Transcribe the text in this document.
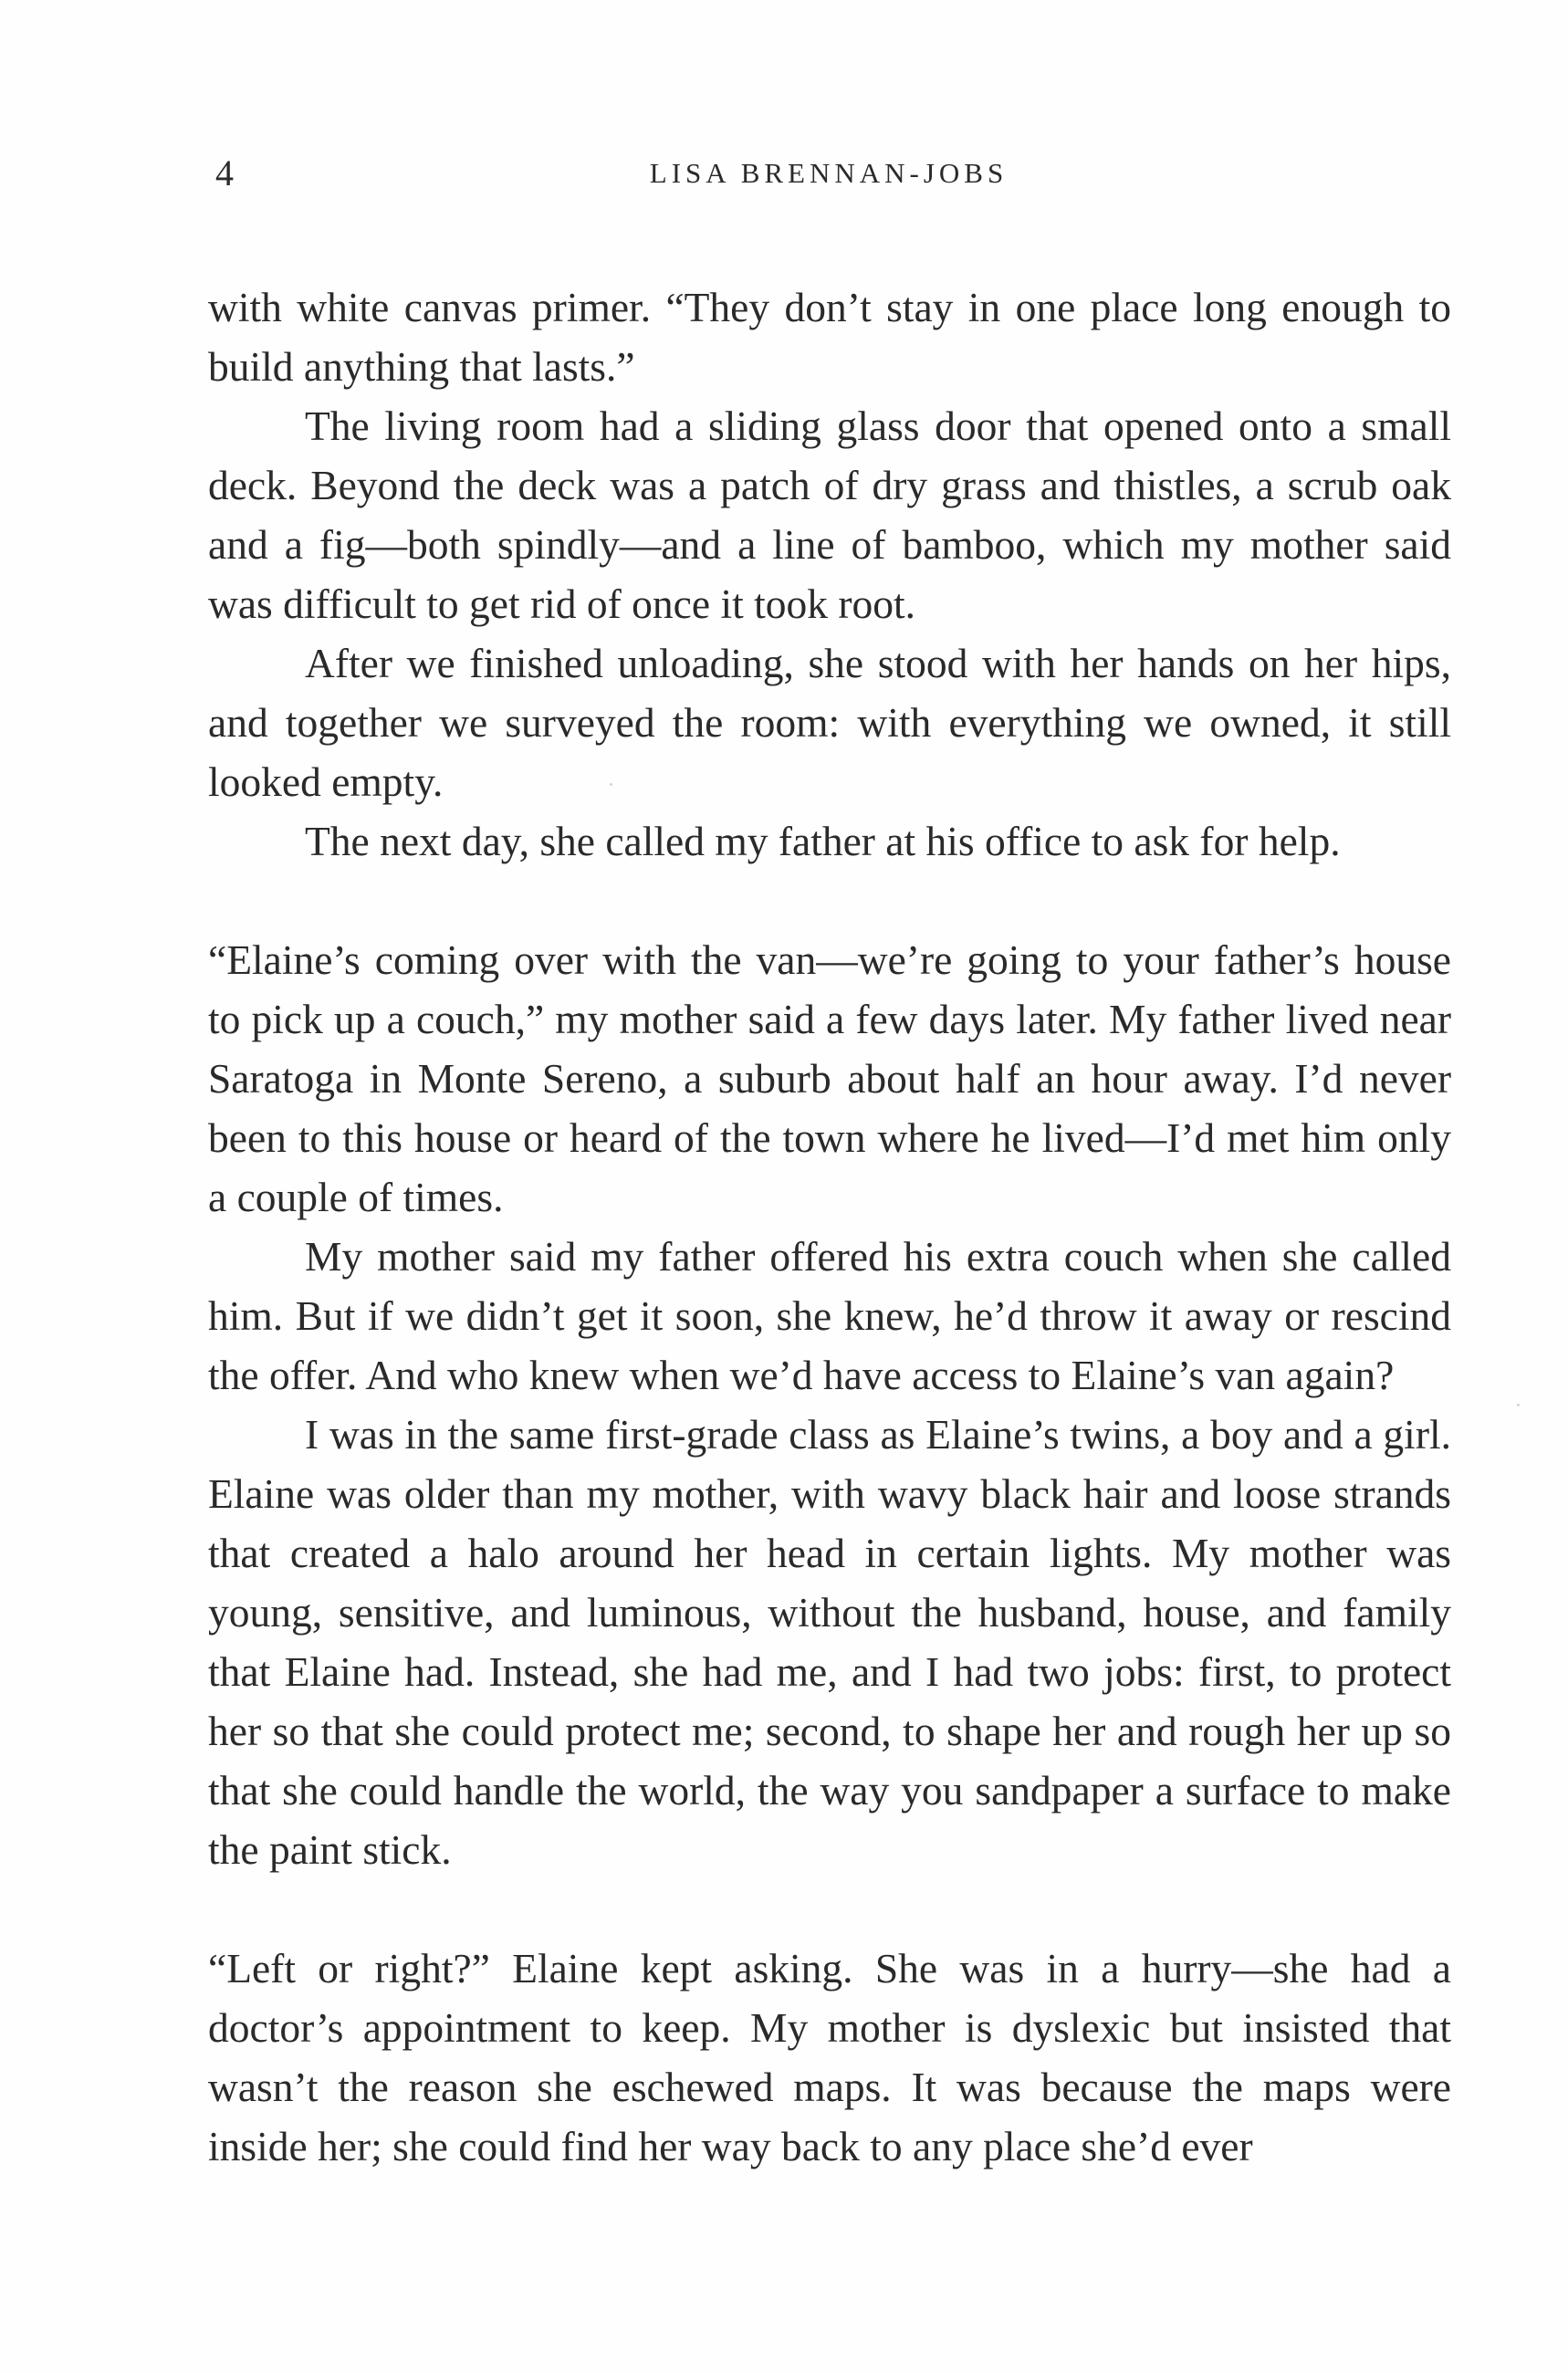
4	LISA BRENNAN-JOBS

with white canvas primer. “They don’t stay in one place long enough to build anything that lasts.”

The living room had a sliding glass door that opened onto a small deck. Beyond the deck was a patch of dry grass and thistles, a scrub oak and a fig—both spindly—and a line of bamboo, which my mother said was difficult to get rid of once it took root.

After we finished unloading, she stood with her hands on her hips, and together we surveyed the room: with everything we owned, it still looked empty.

The next day, she called my father at his office to ask for help.

“Elaine’s coming over with the van—we’re going to your father’s house to pick up a couch,” my mother said a few days later. My father lived near Saratoga in Monte Sereno, a suburb about half an hour away. I’d never been to this house or heard of the town where he lived—I’d met him only a couple of times.

My mother said my father offered his extra couch when she called him. But if we didn’t get it soon, she knew, he’d throw it away or rescind the offer. And who knew when we’d have access to Elaine’s van again?

I was in the same first-grade class as Elaine’s twins, a boy and a girl. Elaine was older than my mother, with wavy black hair and loose strands that created a halo around her head in certain lights. My mother was young, sensitive, and luminous, without the husband, house, and family that Elaine had. Instead, she had me, and I had two jobs: first, to protect her so that she could protect me; second, to shape her and rough her up so that she could handle the world, the way you sandpaper a surface to make the paint stick.

“Left or right?” Elaine kept asking. She was in a hurry—she had a doctor’s appointment to keep. My mother is dyslexic but insisted that wasn’t the reason she eschewed maps. It was because the maps were inside her; she could find her way back to any place she’d ever
